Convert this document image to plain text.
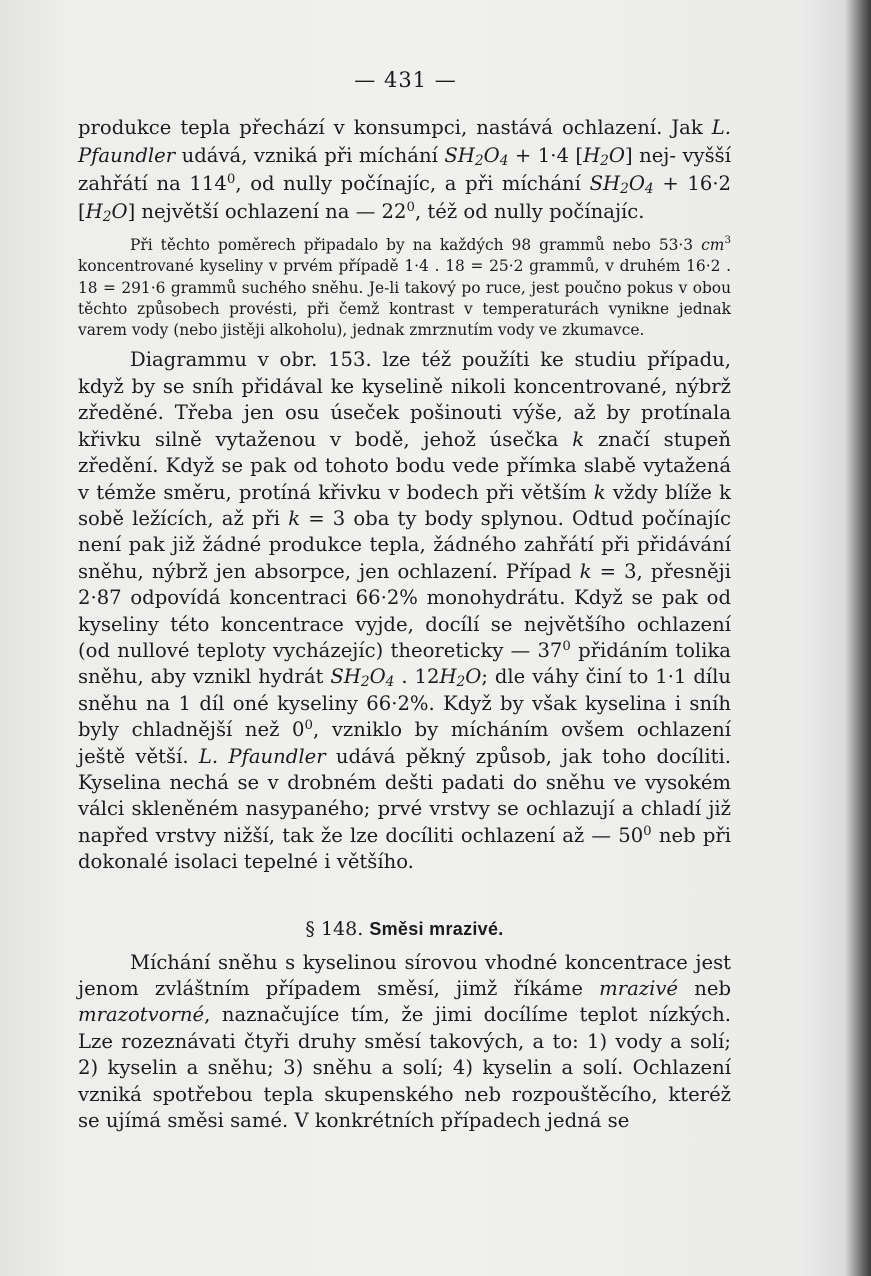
— 431 —

produkce tepla přechází v konsumpci, nastává ochlazení. Jak L. Pfaundler udává, vzniká při míchání $SH_2O_4 + 1\cdot 4$ $[H_2O]$ nej- vyšší zahřátí na $114^0$, od nully počínajíc, a při míchání $SH_2O_4 + 16\cdot 2$ $[H_2O]$ největší ochlazení na — $22^0$, též od nully počínajíc.

Při těchto poměrech připadalo by na každých 98 grammů nebo 53·3 $cm^3$ koncentrované kyseliny v prvém případě 1·4 . 18 = 25·2 grammů, v druhém 16·2 . 18 = 291·6 grammů suchého sněhu. Je-li takový po ruce, jest poučno pokus v obou těchto způsobech provésti, při čemž kontrast v temperaturách vynikne jednak varem vody (nebo jistěji alkoholu), jednak zmrznutím vody ve zkumavce.

Diagrammu v obr. 153. lze též použíti ke studiu případu, když by se sníh přidával ke kyselině nikoli koncentrované, nýbrž zředěné. Třeba jen osu úseček pošinouti výše, až by protínala křivku silně vytaženou v bodě, jehož úsečka k značí stupeň zředění. Když se pak od tohoto bodu vede přímka slabě vytažená v témže směru, protíná křivku v bodech při větším k vždy blíže k sobě ležících, až při k = 3 oba ty body splynou. Odtud počínajíc není pak již žádné produkce tepla, žádného zahřátí při přidávání sněhu, nýbrž jen absorpce, jen ochlazení. Případ k = 3, přesněji 2·87 odpovídá koncentraci 66·2% monohydrátu. Když se pak od kyseliny této koncentrace vyjde, docílí se největšího ochlazení (od nullové teploty vycházejíc) theoreticky — $37^0$ přidáním tolika sněhu, aby vznikl hydrát $SH_2O_4$ . $12H_2O$; dle váhy činí to 1·1 dílu sněhu na 1 díl oné kyseliny 66·2%. Když by však kyselina i sníh byly chladnější než $0^0$, vzniklo by mícháním ovšem ochlazení ještě větší. L. Pfaundler udává pěkný způsob, jak toho docíliti. Kyselina nechá se v drobném dešti padati do sněhu ve vysokém válci skleněném nasypaného; prvé vrstvy se ochlazují a chladí již napřed vrstvy nižší, tak že lze docíliti ochlazení až — $50^0$ neb při dokonalé isolaci tepelné i většího.

§ 148. Směsi mrazivé.

Míchání sněhu s kyselinou sírovou vhodné koncentrace jest jenom zvláštním případem směsí, jimž říkáme mrazivé neb mrazotvorné, naznačujíce tím, že jimi docílíme teplot nízkých. Lze rozeznávati čtyři druhy směsí takových, a to: 1) vody a solí; 2) kyselin a sněhu; 3) sněhu a solí; 4) kyselin a solí. Ochlazení vzniká spotřebou tepla skupenského neb rozpouštěcího, kteréž se ujímá směsi samé. V konkrétních případech jedná se
